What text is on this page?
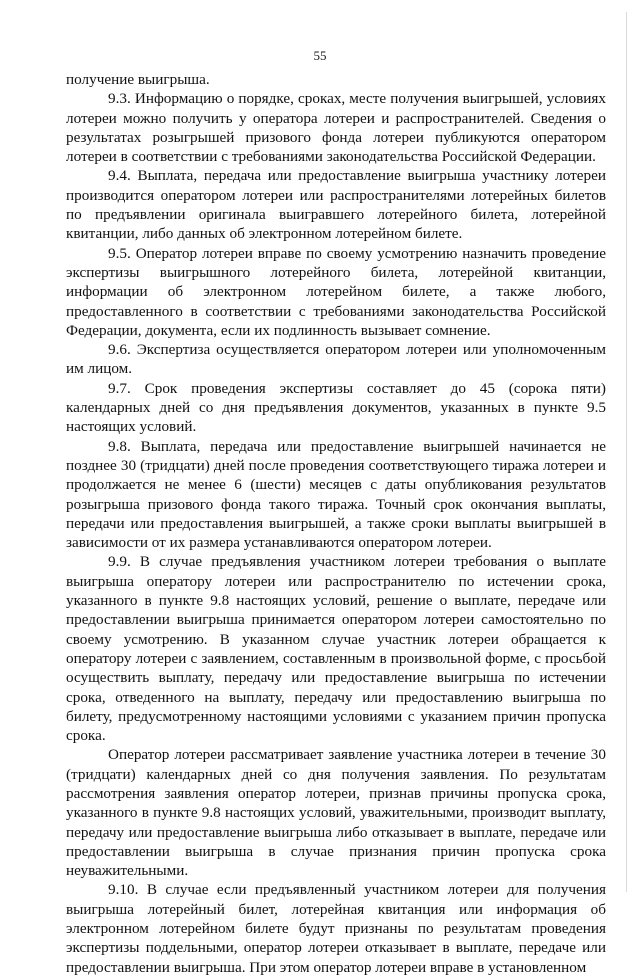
55

получение выигрыша.

9.3. Информацию о порядке, сроках, месте получения выигрышей, условиях лотереи можно получить у оператора лотереи и распространителей. Сведения о результатах розыгрышей призового фонда лотереи публикуются оператором лотереи в соответствии с требованиями законодательства Российской Федерации.

9.4. Выплата, передача или предоставление выигрыша участнику лотереи производится оператором лотереи или распространителями лотерейных билетов по предъявлении оригинала выигравшего лотерейного билета, лотерейной квитанции, либо данных об электронном лотерейном билете.

9.5. Оператор лотереи вправе по своему усмотрению назначить проведение экспертизы выигрышного лотерейного билета, лотерейной квитанции, информации об электронном лотерейном билете, а также любого, предоставленного в соответствии с требованиями законодательства Российской Федерации, документа, если их подлинность вызывает сомнение.

9.6. Экспертиза осуществляется оператором лотереи или уполномоченным им лицом.

9.7. Срок проведения экспертизы составляет до 45 (сорока пяти) календарных дней со дня предъявления документов, указанных в пункте 9.5 настоящих условий.

9.8. Выплата, передача или предоставление выигрышей начинается не позднее 30 (тридцати) дней после проведения соответствующего тиража лотереи и продолжается не менее 6 (шести) месяцев с даты опубликования результатов розыгрыша призового фонда такого тиража. Точный срок окончания выплаты, передачи или предоставления выигрышей, а также сроки выплаты выигрышей в зависимости от их размера устанавливаются оператором лотереи.

9.9. В случае предъявления участником лотереи требования о выплате выигрыша оператору лотереи или распространителю по истечении срока, указанного в пункте 9.8 настоящих условий, решение о выплате, передаче или предоставлении выигрыша принимается оператором лотереи самостоятельно по своему усмотрению. В указанном случае участник лотереи обращается к оператору лотереи с заявлением, составленным в произвольной форме, с просьбой осуществить выплату, передачу или предоставление выигрыша по истечении срока, отведенного на выплату, передачу или предоставлению выигрыша по билету, предусмотренному настоящими условиями с указанием причин пропуска срока.

Оператор лотереи рассматривает заявление участника лотереи в течение 30 (тридцати) календарных дней со дня получения заявления. По результатам рассмотрения заявления оператор лотереи, признав причины пропуска срока, указанного в пункте 9.8 настоящих условий, уважительными, производит выплату, передачу или предоставление выигрыша либо отказывает в выплате, передаче или предоставлении выигрыша в случае признания причин пропуска срока неуважительными.

9.10. В случае если предъявленный участником лотереи для получения выигрыша лотерейный билет, лотерейная квитанция или информация об электронном лотерейном билете будут признаны по результатам проведения экспертизы поддельными, оператор лотереи отказывает в выплате, передаче или предоставлении выигрыша. При этом оператор лотереи вправе в установленном
